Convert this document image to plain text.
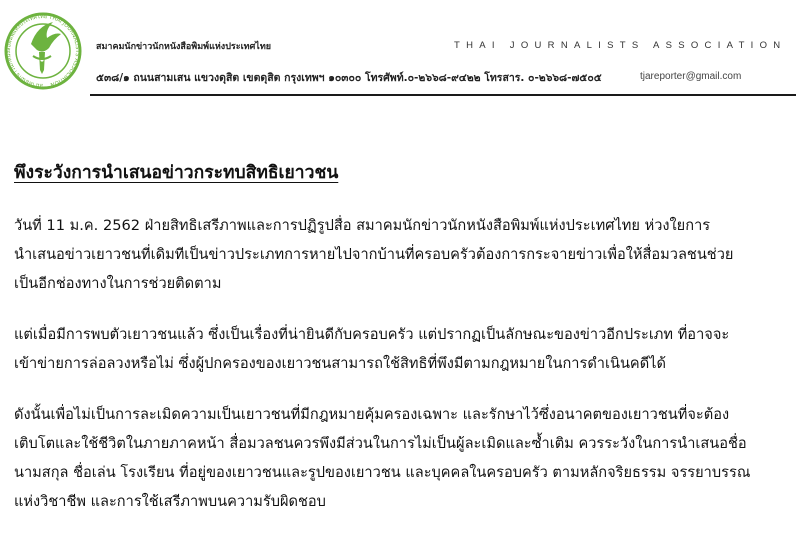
สมาคมนักข่าวนักหนังสือพิมพ์แห่งประเทศไทย THAI JOURNALISTS ASSOCIATION
สมาคมนักข่าวนักหนังสือพิมพ์แห่งประเทศไทย	THAI JOURNALISTS ASSOCIATION
๕๓๘/๑ ถนนสามเสน แขวงดุสิต เขตดุสิต กรุงเทพฯ ๑๐๓๐๐ โทรศัพท์.๐-๒๖๖๘-๙๔๒๒ โทรสาร. ๐-๒๖๖๘-๗๕๐๕	tjareporter@gmail.com
พึงระวังการนำเสนอข่าวกระทบสิทธิเยาวชน

วันที่ 11 ม.ค. 2562 ฝ่ายสิทธิเสรีภาพและการปฏิรูปสื่อ สมาคมนักข่าวนักหนังสือพิมพ์แห่งประเทศไทย ห่วงใยการ
นำเสนอข่าวเยาวชนที่เดิมทีเป็นข่าวประเภทการหายไปจากบ้านที่ครอบครัวต้องการกระจายข่าวเพื่อให้สื่อมวลชนช่วย
เป็นอีกช่องทางในการช่วยติดตาม

แต่เมื่อมีการพบตัวเยาวชนแล้ว ซึ่งเป็นเรื่องที่น่ายินดีกับครอบครัว แต่ปรากฏเป็นลักษณะของข่าวอีกประเภท ที่อาจจะ
เข้าข่ายการล่อลวงหรือไม่ ซึ่งผู้ปกครองของเยาวชนสามารถใช้สิทธิที่พึงมีตามกฎหมายในการดำเนินคดีได้

ดังนั้นเพื่อไม่เป็นการละเมิดความเป็นเยาวชนที่มีกฎหมายคุ้มครองเฉพาะ และรักษาไว้ซึ่งอนาคตของเยาวชนที่จะต้อง
เติบโตและใช้ชีวิตในภายภาคหน้า สื่อมวลชนควรพึงมีส่วนในการไม่เป็นผู้ละเมิดและซ้ำเติม ควรระวังในการนำเสนอชื่อ
นามสกุล ชื่อเล่น โรงเรียน ที่อยู่ของเยาวชนและรูปของเยาวชน และบุคคลในครอบครัว ตามหลักจริยธรรม จรรยาบรรณ
แห่งวิชาชีพ และการใช้เสรีภาพบนความรับผิดชอบ
